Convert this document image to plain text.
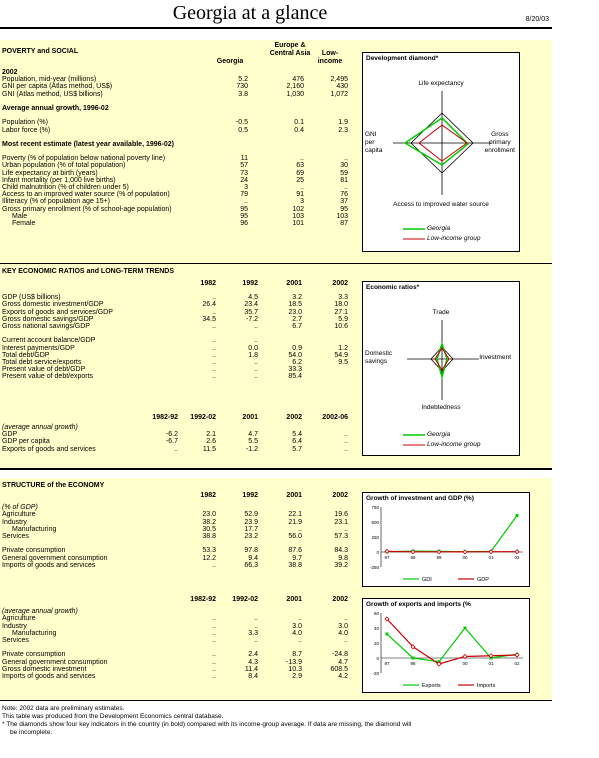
Georgia at a glance	8/20/03
POVERTY and SOCIAL
Georgia
Europe & Central Asia	Low-income
2002
Population, mid-year (millions)	5.2	476	2,495
GNI per capita (Atlas method, US$)	730	2,160	430
GNI (Atlas method, US$ billions)	3.8	1,030	1,072
Average annual growth, 1996-02
Population (%)	-0.5	0.1	1.9
Labor force (%)	0.5	0.4	2.3
Most recent estimate (latest year available, 1996-02)
Poverty (% of population below national poverty line)	11	..	..
Urban population (% of total population)	57	63	30
Life expectancy at birth (years)	73	69	59
Infant mortality (per 1,000 live births)	24	25	81
Child malnutrition (% of children under 5)	3	..	..
Access to an improved water source (% of population)	79	91	76
Illiteracy (% of population age 15+)	..	3	37
Gross primary enrollment (% of school-age population)	95	102	95
Male	95	103	103
Female	96	101	87
KEY ECONOMIC RATIOS and LONG-TERM TRENDS
1982	1992	2001	2002
GDP (US$ billions)	..	4.5	3.2	3.3
Gross domestic investment/GDP	26.4	23.4	18.5	18.0
Exports of goods and services/GDP	..	35.7	23.0	27.1
Gross domestic savings/GDP	34.5	-7.2	2.7	5.9
Gross national savings/GDP	..	..	6.7	10.6
Current account balance/GDP	..	..
Interest payments/GDP	..	0.0	0.9	1.2
Total debt/GDP	..	1.8	54.0	54.9
Total debt service/exports	..	..	6.2	9.5
Present value of debt/GDP	..	..	33.3
Present value of debt/exports	..	..	85.4
1982-92	1992-02	2001	2002	2002-06
(average annual growth)
GDP	-6.2	2.1	4.7	5.4	..
GDP per capita	-6.7	2.6	5.5	6.4	..
Exports of goods and services	..	11.5	-1.2	5.7	..
STRUCTURE of the ECONOMY
1982	1992	2001	2002
(% of GDP)
Agriculture	23.0	52.9	22.1	19.6
Industry	38.2	23.9	21.9	23.1
Manufacturing	30.5	17.7	..	..
Services	38.8	23.2	56.0	57.3
Private consumption	53.3	97.8	87.6	84.3
General government consumption	12.2	9.4	9.7	9.8
Imports of goods and services	..	66.3	38.8	39.2
1982-92	1992-02	2001	2002
(average annual growth)
Agriculture	..	..	..	..
Industry	..	..	3.0	3.0
Manufacturing	..	3.3	4.0	4.0
Services	..	..	..	..
Private consumption	..	2.4	8.7	-24.8
General government consumption	..	4.3	-13.9	4.7
Gross domestic investment	..	11.4	10.3	608.5
Imports of goods and services	..	8.4	2.9	4.2
Development diamond*
Life expectancy
GNI
per
capita
Gross
primary
enrollment
Access to improved water source
Georgia
Low-income group
Economic ratios*
Trade
Domestic
savings
Investment
Indebtedness
Georgia
Low-income group
Growth of investment and GDP (%)
750
500
250
0
-250
97	98	99	00	01	02
GDI	GDP
Growth of exports and imports (%
60
40
20
0
-20
97	98	00	01	02
Exports	Imports
Note: 2002 data are preliminary estimates.
This table was produced from the Development Economics central database.
* The diamonds show four key indicators in the country (in bold) compared with its income-group average. If data are missing, the diamond will
be incomplete.
